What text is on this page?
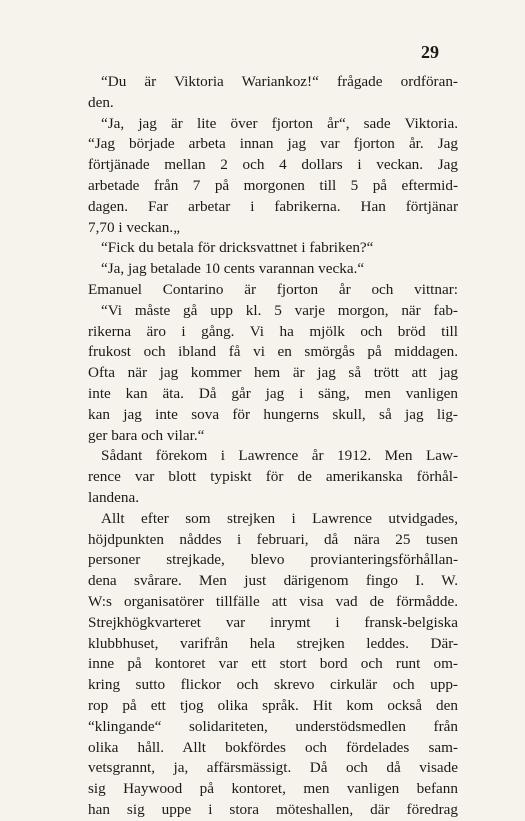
29
“Du är Viktoria Wariankoz!“ frågade ordföran-
den.
“Ja, jag är lite över fjorton år“, sade Viktoria.
“Jag började arbeta innan jag var fjorton år. Jag
förtjänade mellan 2 och 4 dollars i veckan. Jag
arbetade från 7 på morgonen till 5 på eftermid-
dagen. Far arbetar i fabrikerna. Han förtjänar
7,70 i veckan.„
“Fick du betala för dricksvattnet i fabriken?“
“Ja, jag betalade 10 cents varannan vecka.“
Emanuel Contarino är fjorton år och vittnar:
“Vi måste gå upp kl. 5 varje morgon, när fab-
rikerna äro i gång. Vi ha mjölk och bröd till
frukost och ibland få vi en smörgås på middagen.
Ofta när jag kommer hem är jag så trött att jag
inte kan äta. Då går jag i säng, men vanligen
kan jag inte sova för hungerns skull, så jag lig-
ger bara och vilar.“
Sådant förekom i Lawrence år 1912. Men Law-
rence var blott typiskt för de amerikanska förhål-
landena.
Allt efter som strejken i Lawrence utvidgades,
höjdpunkten nåddes i februari, då nära 25 tusen
personer strejkade, blevo provianteringsförhållan-
dena svårare. Men just därigenom fingo I. W.
W:s organisatörer tillfälle att visa vad de förmådde.
Strejkhögkvarteret var inrymt i fransk-belgiska
klubbhuset, varifrån hela strejken leddes. Där-
inne på kontoret var ett stort bord och runt om-
kring sutto flickor och skrevo cirkulär och upp-
rop på ett tjog olika språk. Hit kom också den
“klingande“ solidariteten, understödsmedlen från
olika håll. Allt bokfördes och fördelades sam-
vetsgrannt, ja, affärsmässigt. Då och då visade
sig Haywood på kontoret, men vanligen befann
han sig uppe i stora möteshallen, där föredrag
